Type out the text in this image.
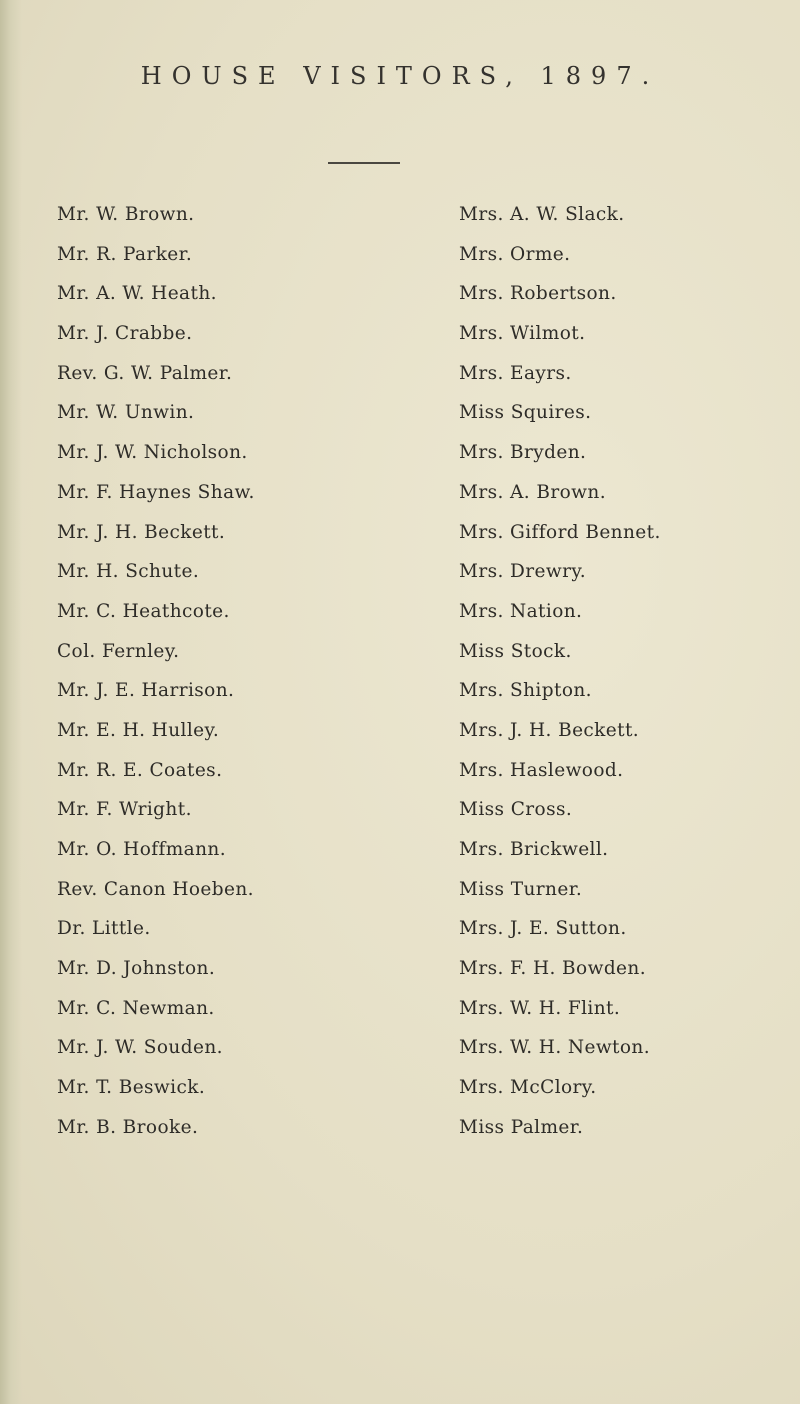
HOUSE VISITORS, 1897.
Mr. W. Brown.
Mr. R. Parker.
Mr. A. W. Heath.
Mr. J. Crabbe.
Rev. G. W. Palmer.
Mr. W. Unwin.
Mr. J. W. Nicholson.
Mr. F. Haynes Shaw.
Mr. J. H. Beckett.
Mr. H. Schute.
Mr. C. Heathcote.
Col. Fernley.
Mr. J. E. Harrison.
Mr. E. H. Hulley.
Mr. R. E. Coates.
Mr. F. Wright.
Mr. O. Hoffmann.
Rev. Canon Hoeben.
Dr. Little.
Mr. D. Johnston.
Mr. C. Newman.
Mr. J. W. Souden.
Mr. T. Beswick.
Mr. B. Brooke.
Mrs. A. W. Slack.
Mrs. Orme.
Mrs. Robertson.
Mrs. Wilmot.
Mrs. Eayrs.
Miss Squires.
Mrs. Bryden.
Mrs. A. Brown.
Mrs. Gifford Bennet.
Mrs. Drewry.
Mrs. Nation.
Miss Stock.
Mrs. Shipton.
Mrs. J. H. Beckett.
Mrs. Haslewood.
Miss Cross.
Mrs. Brickwell.
Miss Turner.
Mrs. J. E. Sutton.
Mrs. F. H. Bowden.
Mrs. W. H. Flint.
Mrs. W. H. Newton.
Mrs. McClory.
Miss Palmer.
